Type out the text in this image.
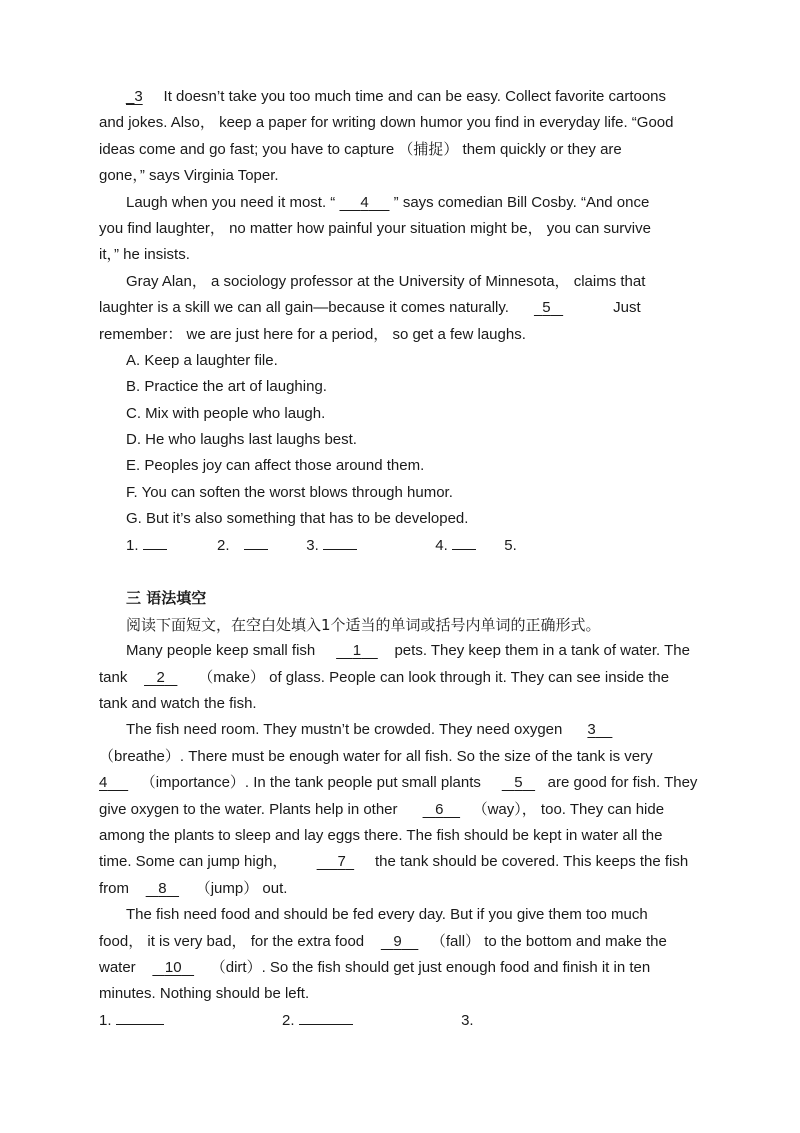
_3 It doesn’t take you too much time and can be easy. Collect favorite cartoons
and jokes. Also， keep a paper for writing down humor you find in everyday life. “Good
ideas come and go fast; you have to capture （捕捉） them quickly or they are
gone，” says Virginia Toper.
Laugh when you need it most. “      4      ” says comedian Bill Cosby. “And once
you find laughter， no matter how painful your situation might be， you can survive
it，” he insists.
Gray Alan， a sociology professor at the University of Minnesota， claims that
laughter is a skill we can all gain—because it comes naturally. 5	Just
remember： we are just here for a period， so get a few laughs.
A. Keep a laughter file.
B. Practice the art of laughing.
C. Mix with people who laugh.
D. He who laughs last laughs best.
E. Peoples joy can affect those around them.
F. You can soften the worst blows through humor.
G. But it’s also something that has to be developed.
1.	2.	3.	4.	5.
三 语法填空
阅读下面短文，在空白处填入1个适当的单词或括号内单词的正确形式。
Many people keep small fish	1 pets. They keep them in a tank of water. The
tank 2 （make） of glass. People can look through it. They can see inside the
tank and watch the fish.
The fish need room. They mustn’t be crowded. They need oxygen 3
（breathe）. There must be enough water for all fish. So the size of the tank is very
4 （importance）. In the tank people put small plants 5 are good for fish. They
give oxygen to the water. Plants help in other	6 （way）， too. They can hide
among the plants to sleep and lay eggs there. The fish should be kept in water all the
time. Some can jump high，	7 the tank should be covered. This keeps the fish
from 8 （jump） out.
The fish need food and should be fed every day. But if you give them too much
food， it is very bad， for the extra food 9 （fall） to the bottom and make the
water 10 （dirt）. So the fish should get just enough food and finish it in ten
minutes. Nothing should be left.
1.	2.	3.
